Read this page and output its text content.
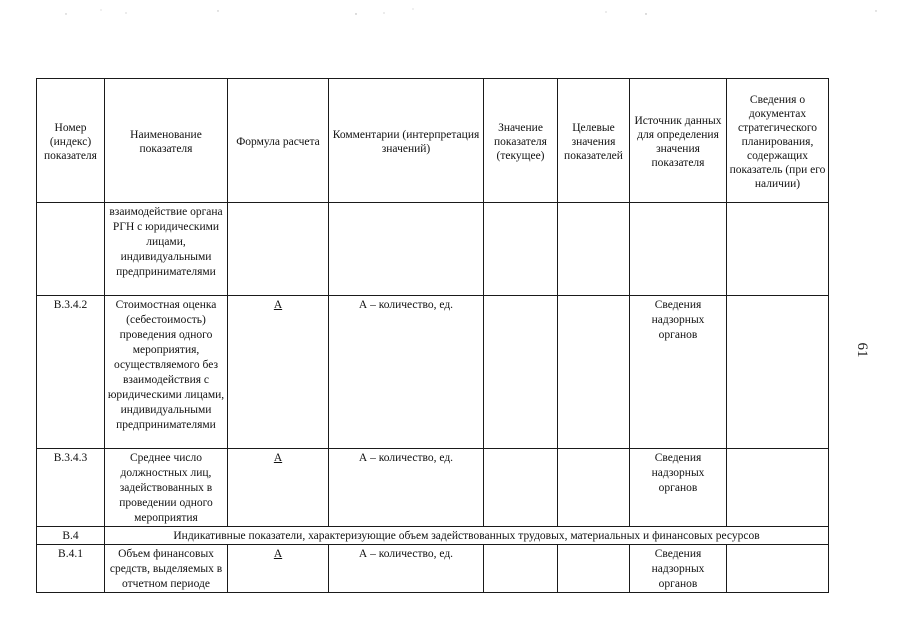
61
Номер (индекс) показателя	Наименование показателя	Формула расчета	Комментарии (интерпретация значений)	Значение показателя (текущее)	Целевые значения показателей	Источник данных для определения значения показателя	Сведения о документах стратегического планирования, содержащих показатель (при его наличии)
	взаимодействие органа РГН с юридическими лицами, индивидуальными предпринимателями						
В.3.4.2	Стоимостная оценка (себестоимость) проведения одного мероприятия, осуществляемого без взаимодействия с юридическими лицами, индивидуальными предпринимателями	А	А – количество, ед.			Сведения надзорных органов	
В.3.4.3	Среднее число должностных лиц, задействованных в проведении одного мероприятия	А	А – количество, ед.			Сведения надзорных органов	
В.4	Индикативные показатели, характеризующие объем задействованных трудовых, материальных и финансовых ресурсов						
В.4.1	Объем финансовых средств, выделяемых в отчетном периоде	А	А – количество, ед.			Сведения надзорных органов	
